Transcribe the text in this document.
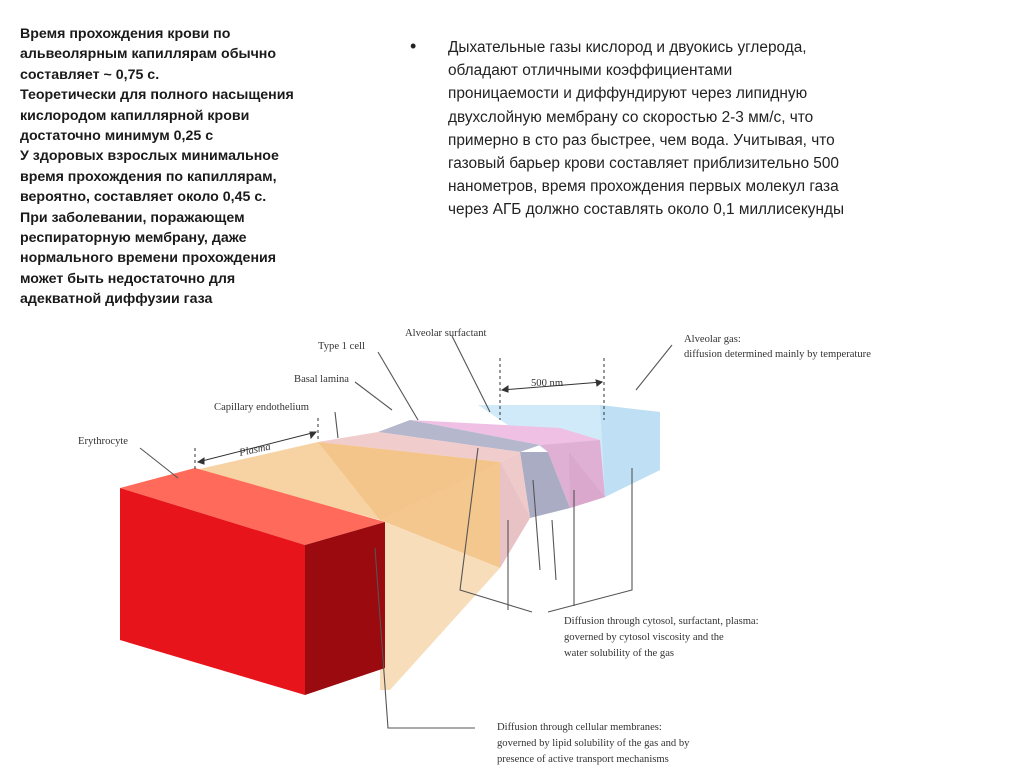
Время прохождения крови по
альвеолярным капиллярам обычно
составляет ~ 0,75 с.
Теоретически для полного насыщения
кислородом капиллярной крови
достаточно минимум 0,25 с
У здоровых взрослых минимальное
время прохождения по капиллярам,
вероятно, составляет около 0,45 с.
При заболевании, поражающем
респираторную мембрану, даже
нормального времени прохождения
может быть недостаточно для
адекватной диффузии газа
• Дыхательные газы кислород и двуокись углерода,
обладают отличными коэффициентами
проницаемости и диффундируют через липидную
двухслойную мембрану со скоростью 2-3 мм/с, что
примерно в сто раз быстрее, чем вода. Учитывая, что
газовый барьер крови составляет приблизительно 500
нанометров, время прохождения первых молекул газа
через АГБ должно составлять около 0,1 миллисекунды
Erythrocyte
Plasma
Capillary endothelium
Basal lamina
Type 1 cell
Alveolar surfactant
500 nm
Alveolar gas:
diffusion determined mainly by temperature
Diffusion through cytosol, surfactant, plasma:
governed by cytosol viscosity and the
water solubility of the gas
Diffusion through cellular membranes:
governed by lipid solubility of the gas and by
presence of active transport mechanisms
